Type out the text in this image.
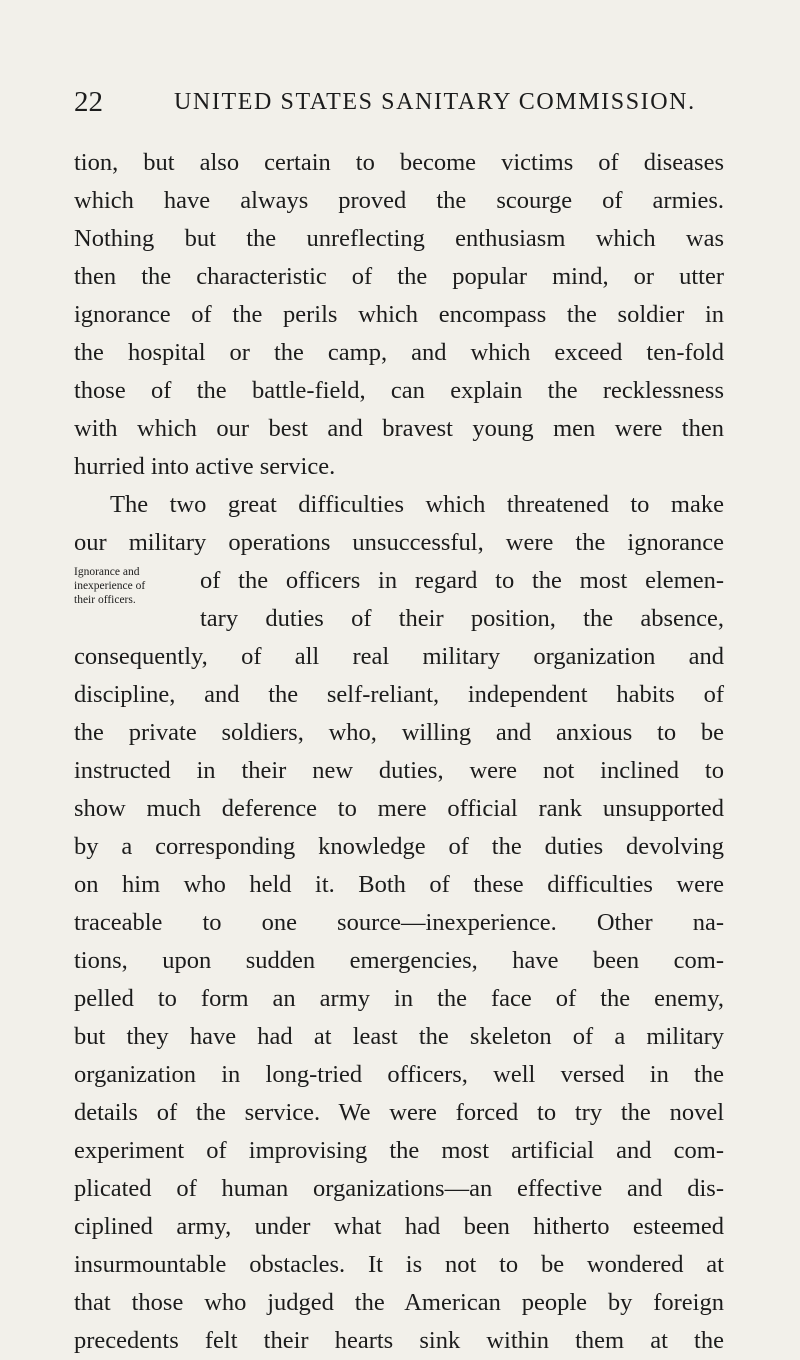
22	UNITED STATES SANITARY COMMISSION.
Ignorance and
inexperience of
their officers.
tion, but also certain to become victims of diseases
which have always proved the scourge of armies.
Nothing but the unreflecting enthusiasm which was
then the characteristic of the popular mind, or utter
ignorance of the perils which encompass the soldier in
the hospital or the camp, and which exceed ten-fold
those of the battle-field, can explain the recklessness
with which our best and bravest young men were then
hurried into active service.
The two great difficulties which threatened to make
our military operations unsuccessful, were the ignorance
of the officers in regard to the most elemen-
tary duties of their position, the absence,
consequently, of all real military organization and
discipline, and the self-reliant, independent habits of
the private soldiers, who, willing and anxious to be
instructed in their new duties, were not inclined to
show much deference to mere official rank unsupported
by a corresponding knowledge of the duties devolving
on him who held it. Both of these difficulties were
traceable to one source—inexperience. Other na-
tions, upon sudden emergencies, have been com-
pelled to form an army in the face of the enemy,
but they have had at least the skeleton of a military
organization in long-tried officers, well versed in the
details of the service. We were forced to try the novel
experiment of improvising the most artificial and com-
plicated of human organizations—an effective and dis-
ciplined army, under what had been hitherto esteemed
insurmountable obstacles. It is not to be wondered at
that those who judged the American people by foreign
precedents felt their hearts sink within them at the
